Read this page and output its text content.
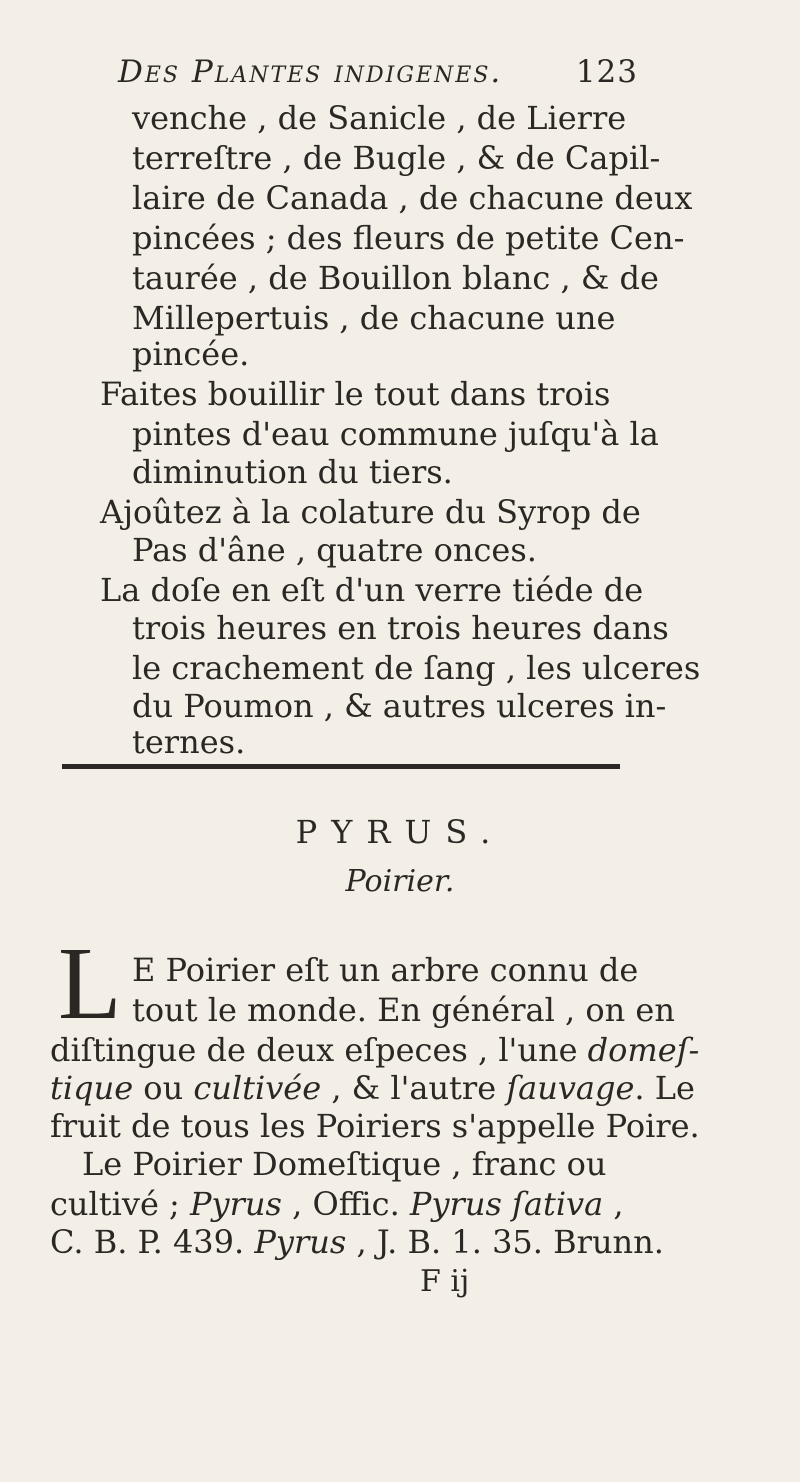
Des Plantes indigenes. 123
venche , de Sanicle , de Lierre
terreſtre , de Bugle , & de Capil-
laire de Canada , de chacune deux
pincées ; des fleurs de petite Cen-
taurée , de Bouillon blanc , & de
Millepertuis , de chacune une
pincée.
Faites bouillir le tout dans trois
pintes d'eau commune juſqu'à la
diminution du tiers.
Ajoûtez à la colature du Syrop de
Pas d'âne , quatre onces.
La doſe en eſt d'un verre tiéde de
trois heures en trois heures dans
le crachement de ſang , les ulceres
du Poumon , & autres ulceres in-
ternes.
PYRUS.
Poirier.
L E Poirier eſt un arbre connu de
tout le monde. En général , on en
diſtingue de deux eſpeces , l'une domeſ-
tique ou cultivée , & l'autre ſauvage. Le
fruit de tous les Poiriers s'appelle Poire.
Le Poirier Domeſtique , franc ou
cultivé ; Pyrus , Offic. Pyrus ſativa ,
C. B. P. 439. Pyrus , J. B. 1. 35. Brunn.
F ij
